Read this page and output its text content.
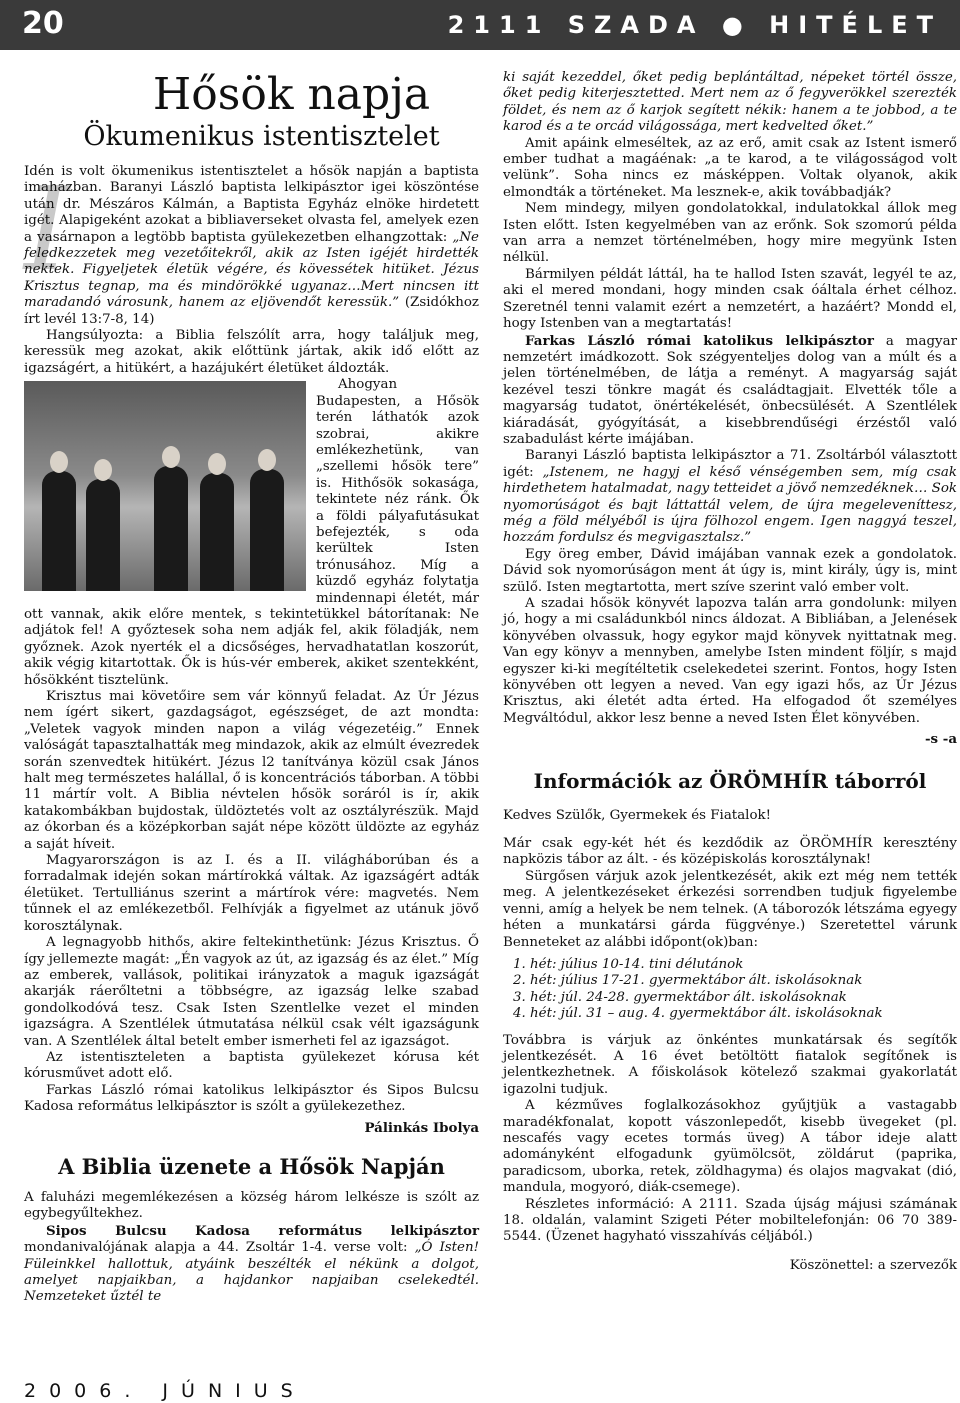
20	2111 SZADA ● HITÉLET
I
Hősök napja
Ökumenikus istentisztelet

Idén is volt ökumenikus istentisztelet a hősök napján a baptista imaházban. Baranyi László baptista lelkipásztor igei köszöntése után dr. Mészáros Kálmán, a Baptista Egyház elnöke hirdetett igét. Alapigeként azokat a bibliaverseket olvasta fel, amelyek ezen a vasárnapon a legtöbb baptista gyülekezetben elhangzottak: „Ne feledkezzetek meg vezetőitekről, akik az Isten igéjét hirdették nektek. Figyeljetek életük végére, és kövessétek hitüket. Jézus Krisztus tegnap, ma és mindörökké ugyanaz…Mert nincsen itt maradandó városunk, hanem az eljövendőt keressük.” (Zsidókhoz írt levél 13:7-8, 14)

Hangsúlyozta: a Biblia felszólít arra, hogy találjuk meg, keressük meg azokat, akik előttünk jártak, akik idő előtt az igazságért, a hitükért, a hazájukért életüket áldozták.

Ahogyan Budapesten, a Hősök terén láthatók azok szobrai, akikre emlékezhetünk, van „szellemi hősök tere” is. Hithősök sokasága, tekintete néz ránk. Ők a földi pályafutásukat befejezték, s oda kerültek Isten trónusához. Míg a küzdő egyház folytatja mindennapi életét, már ott vannak, akik előre mentek, s tekintetükkel bátorítanak: Ne adjátok fel! A győztesek soha nem adják fel, akik föladják, nem győznek. Azok nyerték el a dicsőséges, hervadhatatlan koszorút, akik végig kitartottak. Ők is hús-vér emberek, akiket szentekként, hősökként tisztelünk.

Krisztus mai követőire sem vár könnyű feladat. Az Úr Jézus nem ígért sikert, gazdagságot, egészséget, de azt mondta: „Veletek vagyok minden napon a világ végezetéig.” Ennek valóságát tapasztalhatták meg mindazok, akik az elmúlt évezredek során szenvedtek hitükért. Jézus l2 tanítványa közül csak János halt meg természetes halállal, ő is koncentrációs táborban. A többi 11 mártír volt. A Biblia névtelen hősök soráról is ír, akik katakombákban bujdostak, üldöztetés volt az osztályrészük. Majd az ókorban és a középkorban saját népe között üldözte az egyház a saját híveit.

Magyarországon is az I. és a II. világháborúban és a forradalmak idején sokan mártírokká váltak. Az igazságért adták életüket. Tertulliánus szerint a mártírok vére: magvetés. Nem tűnnek el az emlékezetből. Felhívják a figyelmet az utánuk jövő korosztálynak.

A legnagyobb hithős, akire feltekinthetünk: Jézus Krisztus. Ő így jellemezte magát: „Én vagyok az út, az igazság és az élet.” Míg az emberek, vallások, politikai irányzatok a maguk igazságát akarják ráerőltetni a többségre, az igazság lelke szabad gondolkodóvá tesz. Csak Isten Szentlelke vezet el minden igazságra. A Szentlélek útmutatása nélkül csak vélt igazságunk van. A Szentlélek által betelt ember ismerheti fel az igazságot.

Az istentiszteleten a baptista gyülekezet kórusa két kórusművet adott elő.

Farkas László római katolikus lelkipásztor és Sipos Bulcsu Kadosa református lelkipásztor is szólt a gyülekezethez.

Pálinkás Ibolya
A Biblia üzenete a Hősök Napján

A faluházi megemlékezésen a község három lelkésze is szólt az egybegyűltekhez.

Sipos Bulcsu Kadosa református lelkipásztor mondanivalójának alapja a 44. Zsoltár 1-4. verse volt: „Ó Isten! Füleinkkel hallottuk, atyáink beszélték el nékünk a dolgot, amelyet napjaikban, a hajdankor napjaiban cselekedtél. Nemzeteket űztél te

ki saját kezeddel, őket pedig beplántáltad, népeket törtél össze, őket pedig kiterjesztetted. Mert nem az ő fegyverökkel szerezték földet, és nem az ő karjok segített nékik: hanem a te jobbod, a te karod és a te orcád világossága, mert kedvelted őket.”

Amit apáink elmeséltek, az az erő, amit csak az Istent ismerő ember tudhat a magáénak: „a te karod, a te világosságod volt velünk”. Soha nincs ez másképpen. Voltak olyanok, akik elmondták a történeket. Ma lesznek-e, akik továbbadják?

Nem mindegy, milyen gondolatokkal, indulatokkal állok meg Isten előtt. Isten kegyelmében van az erőnk. Sok szomorú példa van arra a nemzet történelmében, hogy mire megyünk Isten nélkül.

Bármilyen példát láttál, ha te hallod Isten szavát, legyél te az, aki el mered mondani, hogy minden csak óáltala érhet célhoz. Szeretnél tenni valamit ezért a nemzetért, a hazáért? Mondd el, hogy Istenben van a megtartatás!

Farkas László római katolikus lelkipásztor a magyar nemzetért imádkozott. Sok szégyenteljes dolog van a múlt és a jelen történelmében, de látja a reményt. A magyarság saját kezével teszi tönkre magát és családtagjait. Elvették tőle a magyarság tudatot, önértékelését, önbecsülését. A Szentlélek kiáradását, gyógyítását, a kisebbrendűségi érzéstől való szabadulást kérte imájában.

Baranyi László baptista lelkipásztor a 71. Zsoltárból választott igét: „Istenem, ne hagyj el késő vénségemben sem, míg csak hirdethetem hatalmadat, nagy tetteidet a jövő nemzedéknek… Sok nyomorúságot és bajt láttattál velem, de újra megeleveníttesz, még a föld mélyéből is újra fölhozol engem. Igen naggyá teszel, hozzám fordulsz és megvigasztalsz.”

Egy öreg ember, Dávid imájában vannak ezek a gondolatok. Dávid sok nyomorúságon ment át úgy is, mint király, úgy is, mint szülő. Isten megtartotta, mert szíve szerint való ember volt.

A szadai hősök könyvét lapozva talán arra gondolunk: milyen jó, hogy a mi családunkból nincs áldozat. A Bibliában, a Jelenések könyvében olvassuk, hogy egykor majd könyvek nyittatnak meg. Van egy könyv a mennyben, amelybe Isten mindent följír, s majd egyszer ki-ki megítéltetik cselekedetei szerint. Fontos, hogy Isten könyvében ott legyen a neved. Van egy igazi hős, az Úr Jézus Krisztus, aki életét adta érted. Ha elfogadod őt személyes Megváltódul, akkor lesz benne a neved Isten Élet könyvében.

-s -a
Információk az ÖRÖMHÍR táborról

Kedves Szülők, Gyermekek és Fiatalok!

Már csak egy-két hét és kezdődik az ÖRÖMHÍR keresztény napközis tábor az ált. - és középiskolás korosztálynak!

Sürgősen várjuk azok jelentkezését, akik ezt még nem tették meg. A jelentkezéseket érkezési sorrendben tudjuk figyelembe venni, amíg a helyek be nem telnek. (A táborozók létszáma egyegy héten a munkatársi gárda függvénye.) Szeretettel várunk Benneteket az alábbi időpont(ok)ban:

1. hét: július 10-14. tini délutánok
2. hét: július 17-21. gyermektábor ált. iskolásoknak
3. hét: júl. 24-28. gyermektábor ált. iskolásoknak
4. hét: júl. 31 – aug. 4. gyermektábor ált. iskolásoknak

Továbbra is várjuk az önkéntes munkatársak és segítők jelentkezését. A 16 évet betöltött fiatalok segítőnek is jelentkezhetnek. A főiskolások kötelező szakmai gyakorlatát igazolni tudjuk.

A kézműves foglalkozásokhoz gyűjtjük a vastagabb maradékfonalat, kopott vászonlepedőt, kisebb üvegeket (pl. nescafés vagy ecetes tormás üveg) A tábor ideje alatt adományként elfogadunk gyümölcsöt, zöldárut (paprika, paradicsom, uborka, retek, zöldhagyma) és olajos magvakat (dió, mandula, mogyoró, diák-csemege).

Részletes információ: A 2111. Szada újság májusi számának 18. oldalán, valamint Szigeti Péter mobiltelefonján: 06 70 389-5544. (Üzenet hagyható visszahívás céljából.)

Köszönettel: a szervezők
2006. JÚNIUS
